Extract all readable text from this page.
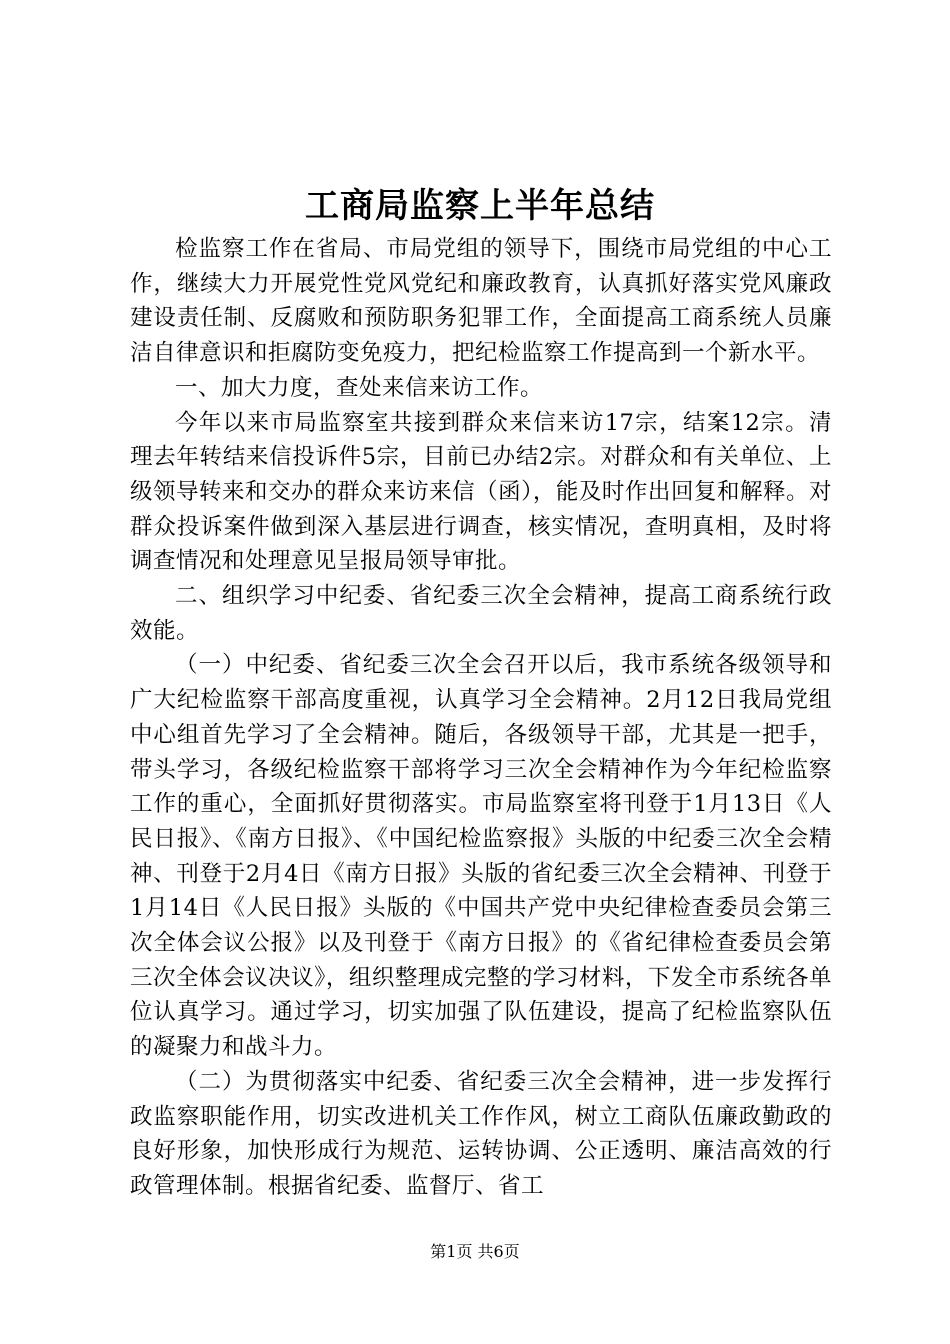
工商局监察上半年总结

检监察工作在省局、市局党组的领导下，围绕市局党组的中心工作，继续大力开展党性党风党纪和廉政教育，认真抓好落实党风廉政建设责任制、反腐败和预防职务犯罪工作，全面提高工商系统人员廉洁自律意识和拒腐防变免疫力，把纪检监察工作提高到一个新水平。

一、加大力度，查处来信来访工作。

今年以来市局监察室共接到群众来信来访17宗，结案12宗。清理去年转结来信投诉件5宗，目前已办结2宗。对群众和有关单位、上级领导转来和交办的群众来访来信（函），能及时作出回复和解释。对群众投诉案件做到深入基层进行调查，核实情况，查明真相，及时将调查情况和处理意见呈报局领导审批。

二、组织学习中纪委、省纪委三次全会精神，提高工商系统行政效能。

（一）中纪委、省纪委三次全会召开以后，我市系统各级领导和广大纪检监察干部高度重视，认真学习全会精神。2月12日我局党组中心组首先学习了全会精神。随后，各级领导干部，尤其是一把手，带头学习，各级纪检监察干部将学习三次全会精神作为今年纪检监察工作的重心，全面抓好贯彻落实。市局监察室将刊登于1月13日《人民日报》、《南方日报》、《中国纪检监察报》头版的中纪委三次全会精神、刊登于2月4日《南方日报》头版的省纪委三次全会精神、刊登于1月14日《人民日报》头版的《中国共产党中央纪律检查委员会第三次全体会议公报》以及刊登于《南方日报》的《省纪律检查委员会第三次全体会议决议》，组织整理成完整的学习材料，下发全市系统各单位认真学习。通过学习，切实加强了队伍建设，提高了纪检监察队伍的凝聚力和战斗力。

（二）为贯彻落实中纪委、省纪委三次全会精神，进一步发挥行政监察职能作用，切实改进机关工作作风，树立工商队伍廉政勤政的良好形象，加快形成行为规范、运转协调、公正透明、廉洁高效的行政管理体制。根据省纪委、监督厅、省工

第1页 共6页
